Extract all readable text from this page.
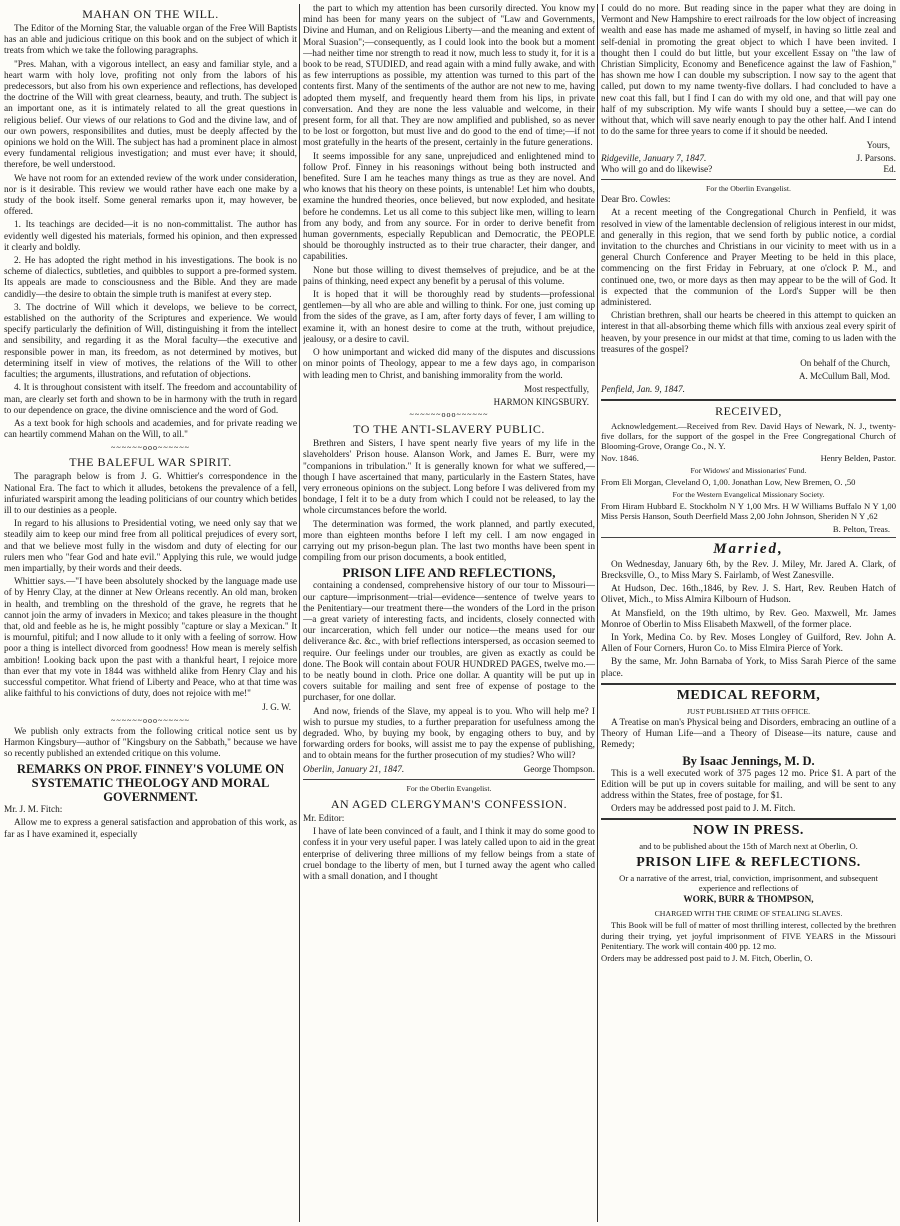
MAHAN ON THE WILL.

The Editor of the Morning Star, the valuable organ of the Free Will Baptists has an able and judicious critique on this book and on the subject of which it treats from which we take the following paragraphs.

"Pres. Mahan, with a vigorous intellect, an easy and familiar style, and a heart warm with holy love, profiting not only from the labors of his predecessors, but also from his own experience and reflections, has developed the doctrine of the Will with great clearness, beauty, and truth. The subject is an important one, as it is intimately related to all the great questions in religious belief. Our views of our relations to God and the divine law, and of our own powers, responsibilites and duties, must be deeply affected by the opinions we hold on the Will. The subject has had a prominent place in almost every fundamental religious investigation; and must ever have; it should, therefore, be well understood.

We have not room for an extended review of the work under consideration, nor is it desirable. This review we would rather have each one make by a study of the book itself. Some general remarks upon it, may however, be offered.

1. Its teachings are decided—it is no non-committalist. The author has evidently well digested his materials, formed his opinion, and then expressed it clearly and boldly.

2. He has adopted the right method in his investigations. The book is no scheme of dialectics, subtleties, and quibbles to support a pre-formed system. Its appeals are made to consciousness and the Bible. And they are made candidly—the desire to obtain the simple truth is manifest at every step.

3. The doctrine of Will which it develops, we believe to be correct, established on the authority of the Scriptures and experience. We would specify particularly the definition of Will, distinguishing it from the intellect and sensibility, and regarding it as the Moral faculty—the executive and responsible power in man, its freedom, as not determined by motives, but determining itself in view of motives, the relations of the Will to other faculties; the arguments, illustrations, and refutation of objections.

4. It is throughout consistent with itself. The freedom and accountability of man, are clearly set forth and shown to be in harmony with the truth in regard to our dependence on grace, the divine omniscience and the word of God.

As a text book for high schools and academies, and for private reading we can heartily commend Mahan on the Will, to all."

~~~~~~ooo~~~~~~
THE BALEFUL WAR SPIRIT.

The paragraph below is from J. G. Whittier's correspondence in the National Era. The fact to which it alludes, betokens the prevalence of a fell, infuriated warspirit among the leading politicians of our country which betides ill to our destinies as a people.

In regard to his allusions to Presidential voting, we need only say that we steadily aim to keep our mind free from all political prejudices of every sort, and that we believe most fully in the wisdom and duty of electing for our rulers men who "fear God and hate evil." Applying this rule, we would judge men impartially, by their words and their deeds.

Whittier says.—"I have been absolutely shocked by the language made use of by Henry Clay, at the dinner at New Orleans recently. An old man, broken in health, and trembling on the threshold of the grave, he regrets that he cannot join the army of invaders in Mexico; and takes pleasure in the thought that, old and feeble as he is, he might possibly "capture or slay a Mexican." It is mournful, pitiful; and I now allude to it only with a feeling of sorrow. How poor a thing is intellect divorced from goodness! How mean is merely selfish ambition! Looking back upon the past with a thankful heart, I rejoice more than ever that my vote in 1844 was withheld alike from Henry Clay and his successful competitor. What friend of Liberty and Peace, who at that time was alike faithful to his convictions of duty, does not rejoice with me!"

J. G. W.

~~~~~~ooo~~~~~~

We publish only extracts from the following critical notice sent us by Harmon Kingsbury—author of "Kingsbury on the Sabbath," because we have so recently published an extended critique on this volume.

REMARKS ON PROF. FINNEY'S VOLUME ON SYSTEMATIC THEOLOGY AND MORAL GOVERNMENT.

Mr. J. M. Fitch:

Allow me to express a general satisfaction and approbation of this work, as far as I have examined it, especially

the part to which my attention has been cursorily directed. You know my mind has been for many years on the subject of "Law and Governments, Divine and Human, and on Religious Liberty—and the meaning and extent of Moral Suasion";—consequently, as I could look into the book but a moment—had neither time nor strength to read it now, much less to study it, for it is a book to be read, STUDIED, and read again with a mind fully awake, and with as few interruptions as possible, my attention was turned to this part of the contents first. Many of the sentiments of the author are not new to me, having adopted them myself, and frequently heard them from his lips, in private conversation. And they are none the less valuable and welcome, in their present form, for all that. They are now amplified and published, so as never to be lost or forgotton, but must live and do good to the end of time;—if not most gratefully in the hearts of the present, certainly in the future generations.

It seems impossible for any sane, unprejudiced and enlightened mind to follow Prof. Finney in his reasonings without being both instructed and benefited. Sure I am he teaches many things as true as they are novel. And who knows that his theory on these points, is untenable! Let him who doubts, examine the hundred theories, once believed, but now exploded, and hesitate before he condemns. Let us all come to this subject like men, willing to learn from any body, and from any source. For in order to derive benefit from human governments, especially Republican and Democratic, the PEOPLE should be thoroughly instructed as to their true character, their danger, and capabilities.

None but those willing to divest themselves of prejudice, and be at the pains of thinking, need expect any benefit by a perusal of this volume.

It is hoped that it will be thoroughly read by students—professional gentlemen—by all who are able and willing to think. For one, just coming up from the sides of the grave, as I am, after forty days of fever, I am willing to examine it, with an honest desire to come at the truth, without prejudice, jealousy, or a desire to cavil.

O how unimportant and wicked did many of the disputes and discussions on minor points of Theology, appear to me a few days ago, in comparison with leading men to Christ, and banishing immorality from the world.

Most respectfully,

HARMON KINGSBURY.

~~~~~~ooo~~~~~~
TO THE ANTI-SLAVERY PUBLIC.

Brethren and Sisters, I have spent nearly five years of my life in the slaveholders' Prison house. Alanson Work, and James E. Burr, were my "companions in tribulation." It is generally known for what we suffered,—though I have ascertained that many, particularly in the Eastern States, have very erroneous opinions on the subject. Long before I was delivered from my bondage, I felt it to be a duty from which I could not be released, to lay the whole circumstances before the world.

The determination was formed, the work planned, and partly executed, more than eighteen months before I left my cell. I am now engaged in carrying out my prison-begun plan. The last two months have been spent in compiling from our prison documents, a book entitled,

PRISON LIFE AND REFLECTIONS,

containing a condensed, comprehensive history of our tour to Missouri—our capture—imprisonment—trial—evidence—sentence of twelve years to the Penitentiary—our treatment there—the wonders of the Lord in the prison—a great variety of interesting facts, and incidents, closely connected with our incarceration, which fell under our notice—the means used for our deliverance &c. &c., with brief reflections interspersed, as occasion seemed to require. Our feelings under our troubles, are given as exactly as could be done. The Book will contain about FOUR HUNDRED PAGES, twelve mo.—to be neatly bound in cloth. Price one dollar. A quantity will be put up in covers suitable for mailing and sent free of expense of postage to the purchaser, for one dollar.

And now, friends of the Slave, my appeal is to you. Who will help me? I wish to pursue my studies, to a further preparation for usefulness among the degraded. Who, by buying my book, by engaging others to buy, and by forwarding orders for books, will assist me to pay the expense of publishing, and to obtain means for the further prosecution of my studies? Who will?

Oberlin, January 21, 1847.	George Thompson.

For the Oberlin Evangelist.

AN AGED CLERGYMAN'S CONFESSION.

Mr. Editor:

I have of late been convinced of a fault, and I think it may do some good to confess it in your very useful paper. I was lately called upon to aid in the great enterprise of delivering three millions of my fellow beings from a state of cruel bondage to the liberty of men, but I turned away the agent who called with a small donation, and I thought

I could do no more. But reading since in the paper what they are doing in Vermont and New Hampshire to erect railroads for the low object of increasing wealth and ease has made me ashamed of myself, in having so little zeal and self-denial in promoting the great object to which I have been invited. I thought then I could do but little, but your excellent Essay on "the law of Christian Simplicity, Economy and Beneficence against the law of Fashion," has shown me how I can double my subscription. I now say to the agent that called, put down to my name twenty-five dollars. I had concluded to have a new coat this fall, but I find I can do with my old one, and that will pay one half of my subscription. My wife wants I should buy a settee,—we can do without that, which will save nearly enough to pay the other half. And I intend to do the same for three years to come if it should be needed.

Yours,

Ridgeville, January 7, 1847.	J. Parsons.
Who will go and do likewise?	Ed.

For the Oberlin Evangelist.

Dear Bro. Cowles:

At a recent meeting of the Congregational Church in Penfield, it was resolved in view of the lamentable declension of religious interest in our midst, and generally in this region, that we send forth by public notice, a cordial invitation to the churches and Christians in our vicinity to meet with us in a general Church Conference and Prayer Meeting to be held in this place, commencing on the first Friday in February, at one o'clock P. M., and continued one, two, or more days as then may appear to be the will of God. It is expected that the communion of the Lord's Supper will be then administered.

Christian brethren, shall our hearts be cheered in this attempt to quicken an interest in that all-absorbing theme which fills with anxious zeal every spirit of heaven, by your presence in our midst at that time, coming to us laden with the treasures of the gospel?

On behalf of the Church,

A. McCullum Ball, Mod.

Penfield, Jan. 9, 1847.

RECEIVED,

Acknowledgement.—Received from Rev. David Hays of Newark, N. J., twenty-five dollars, for the support of the gospel in the Free Congregational Church of Blooming-Grove, Orange Co., N. Y.

Nov. 1846.	Henry Belden, Pastor.

For Widows' and Missionaries' Fund.

From Eli Morgan, Cleveland O, 1,00. Jonathan Low, New Bremen, O. ,50

For the Western Evangelical Missionary Society.

From Hiram Hubbard E. Stockholm N Y 1,00 Mrs. H W Williams Buffalo N Y 1,00 Miss Persis Hanson, South Deerfield Mass 2,00 John Johnson, Sheriden N Y ,62

B. Pelton, Treas.

Married,

On Wednesday, January 6th, by the Rev. J. Miley, Mr. Jared A. Clark, of Brecksville, O., to Miss Mary S. Fairlamb, of West Zanesville.

At Hudson, Dec. 16th.,1846, by Rev. J. S. Hart, Rev. Reuben Hatch of Olivet, Mich., to Miss Almira Kilbourn of Hudson.

At Mansfield, on the 19th ultimo, by Rev. Geo. Maxwell, Mr. James Monroe of Oberlin to Miss Elisabeth Maxwell, of the former place.

In York, Medina Co. by Rev. Moses Longley of Guilford, Rev. John A. Allen of Four Corners, Huron Co. to Miss Elmira Pierce of York.

By the same, Mr. John Barnaba of York, to Miss Sarah Pierce of the same place.

MEDICAL REFORM,

JUST PUBLISHED AT THIS OFFICE.

A Treatise on man's Physical being and Disorders, embracing an outline of a Theory of Human Life—and a Theory of Disease—its nature, cause and Remedy;

By Isaac Jennings, M. D.

This is a well executed work of 375 pages 12 mo. Price $1. A part of the Edition will be put up in covers suitable for mailing, and will be sent to any address within the States, free of postage, for $1.

Orders may be addressed post paid to J. M. Fitch.

NOW IN PRESS.

and to be published about the 15th of March next at Oberlin, O.

PRISON LIFE & REFLECTIONS.

Or a narrative of the arrest, trial, conviction, imprisonment, and subsequent experience and reflections of

WORK, BURR & THOMPSON,

CHARGED WITH THE CRIME OF STEALING SLAVES.

This Book will be full of matter of most thrilling interest, collected by the brethren during their trying, yet joyful imprisonment of FIVE YEARS in the Missouri Penitentiary. The work will contain 400 pp. 12 mo.

Orders may be addressed post paid to J. M. Fitch, Oberlin, O.
